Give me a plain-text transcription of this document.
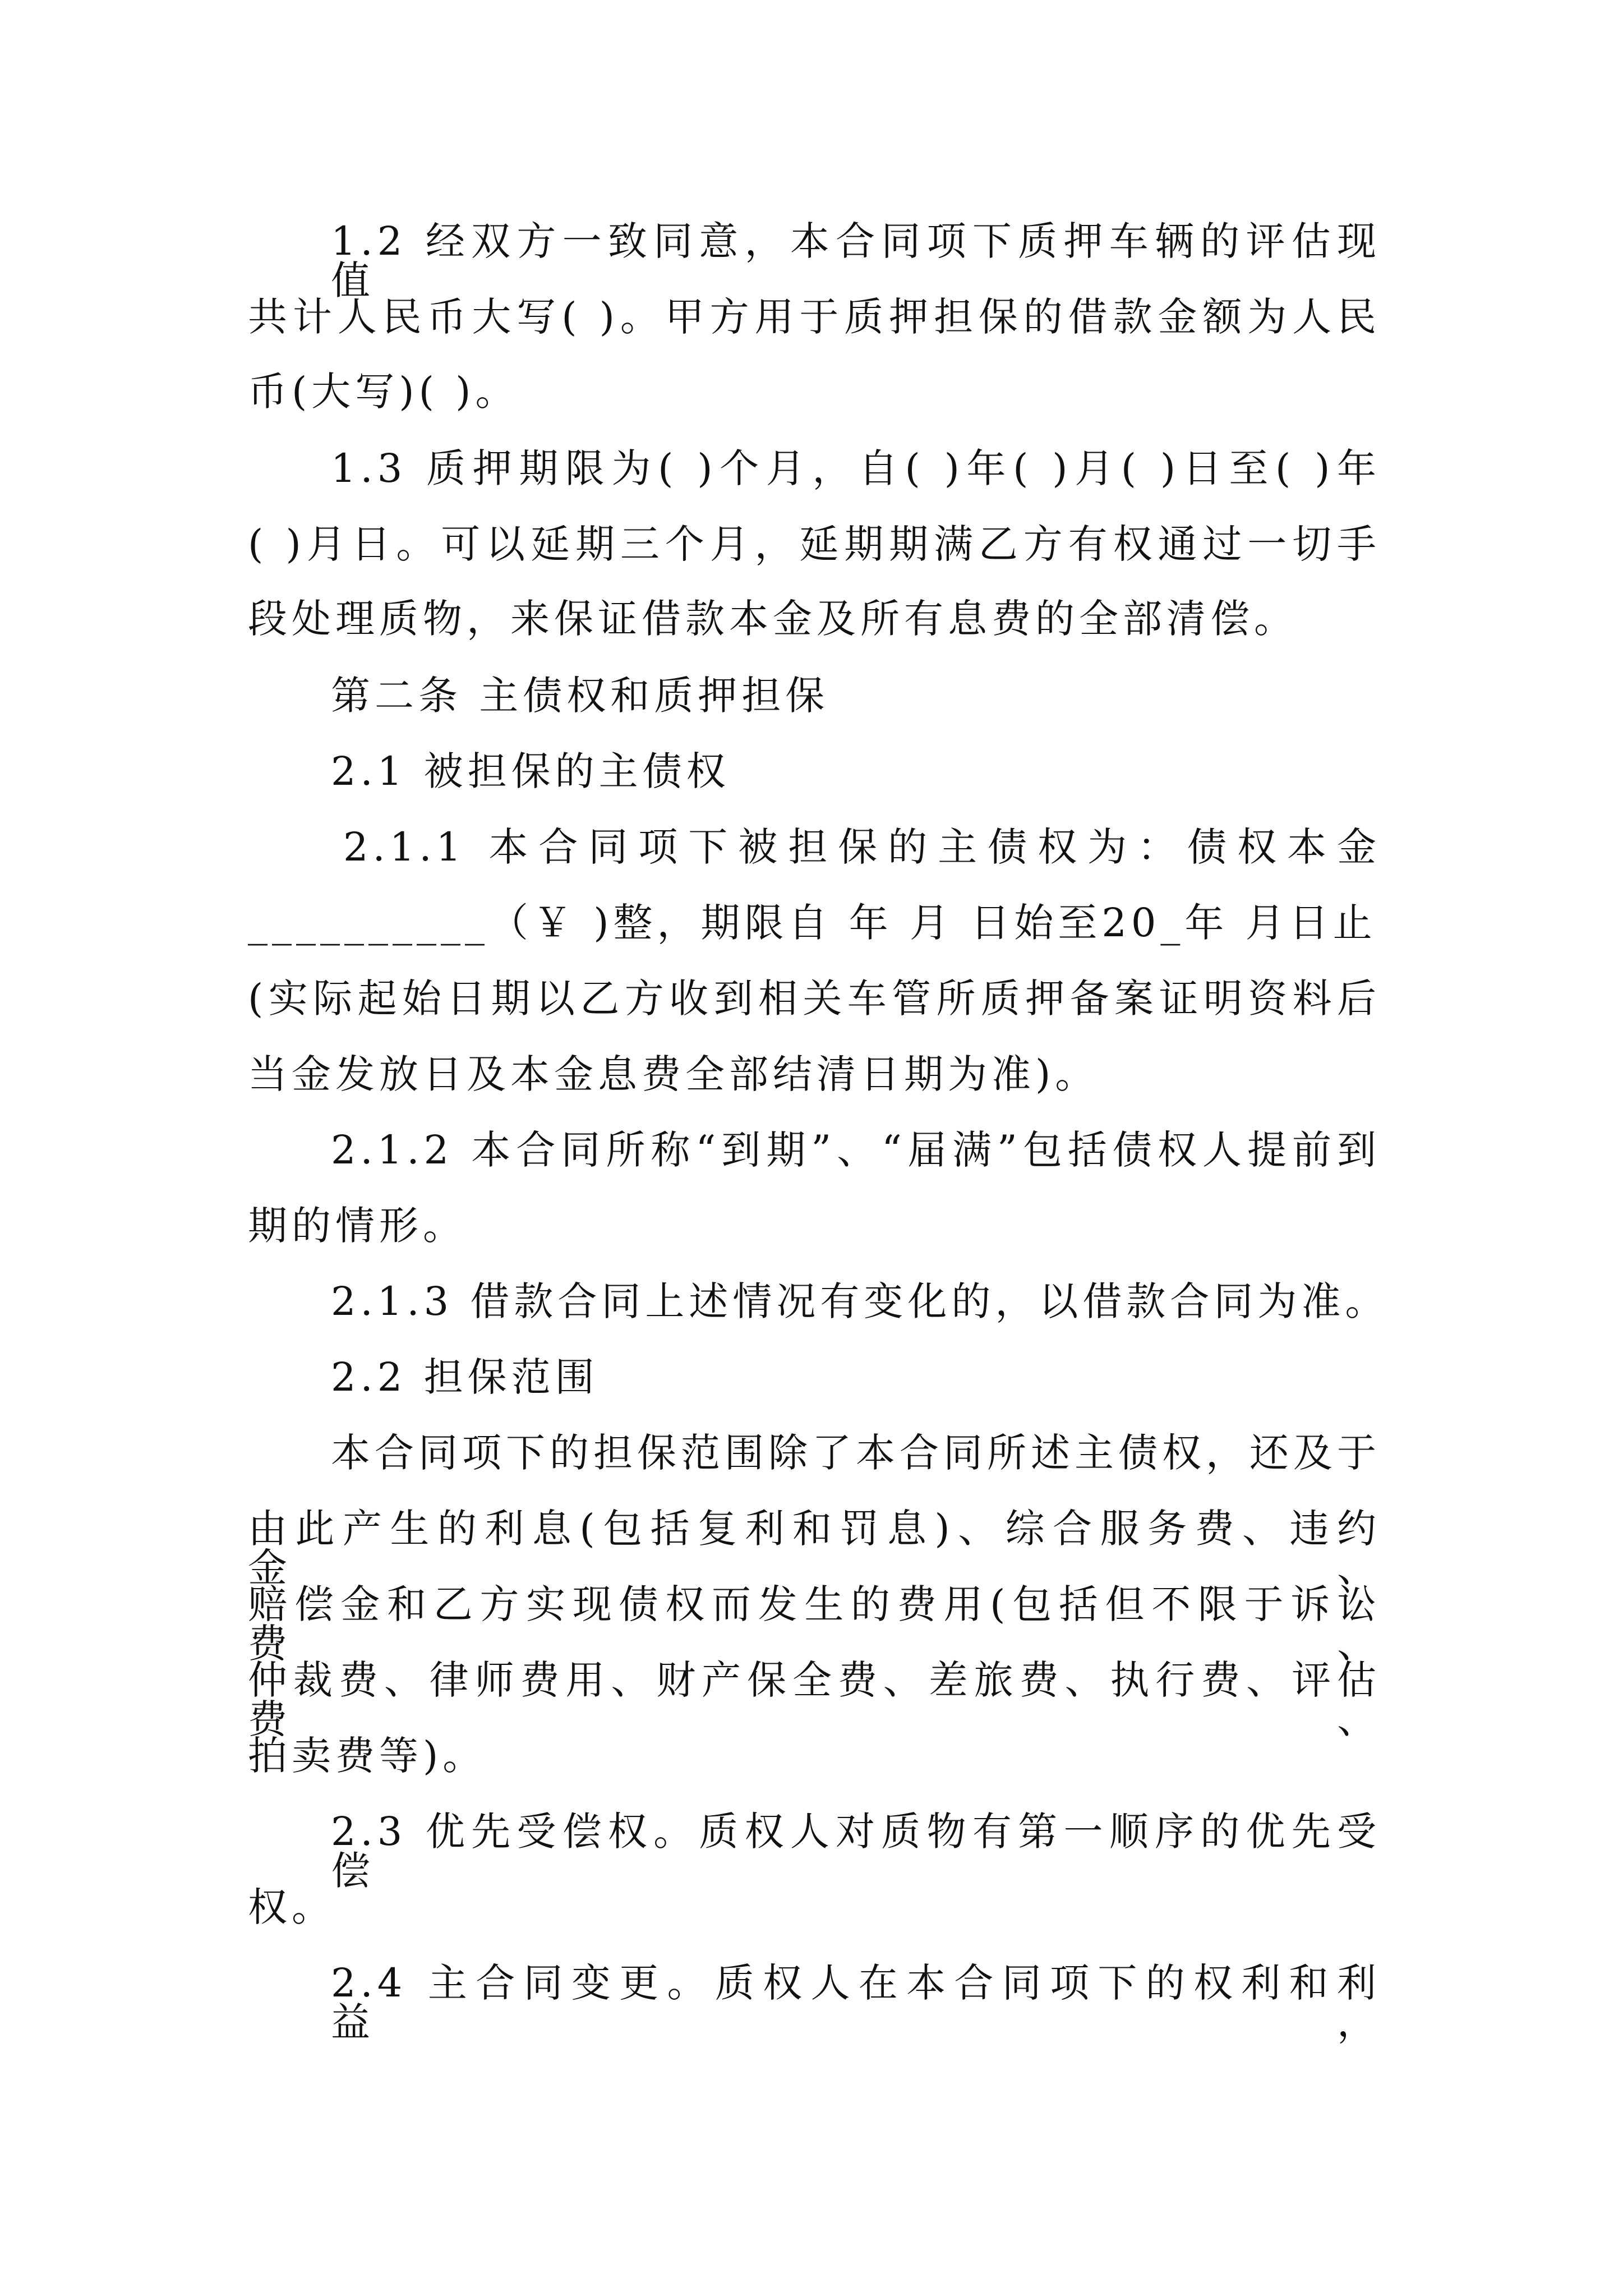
1.2 经双方一致同意，本合同项下质押车辆的评估现值
共计人民币大写( )。甲方用于质押担保的借款金额为人民
币(大写)( )。
1.3 质押期限为( )个月，自( )年( )月( )日至( )年
( )月日。可以延期三个月，延期期满乙方有权通过一切手
段处理质物，来保证借款本金及所有息费的全部清偿。
第二条 主债权和质押担保
2.1 被担保的主债权
2.1.1 本合同项下被担保的主债权为：债权本金
__________（￥ )整，期限自 年 月 日始至20_年 月日止
(实际起始日期以乙方收到相关车管所质押备案证明资料后
当金发放日及本金息费全部结清日期为准)。
2.1.2 本合同所称“到期”、“届满”包括债权人提前到
期的情形。
2.1.3 借款合同上述情况有变化的，以借款合同为准。
2.2 担保范围
本合同项下的担保范围除了本合同所述主债权，还及于
由此产生的利息(包括复利和罚息)、综合服务费、违约金、
赔偿金和乙方实现债权而发生的费用(包括但不限于诉讼费、
仲裁费、律师费用、财产保全费、差旅费、执行费、评估费、
拍卖费等)。
2.3 优先受偿权。质权人对质物有第一顺序的优先受偿
权。
2.4 主合同变更。质权人在本合同项下的权利和利益，
